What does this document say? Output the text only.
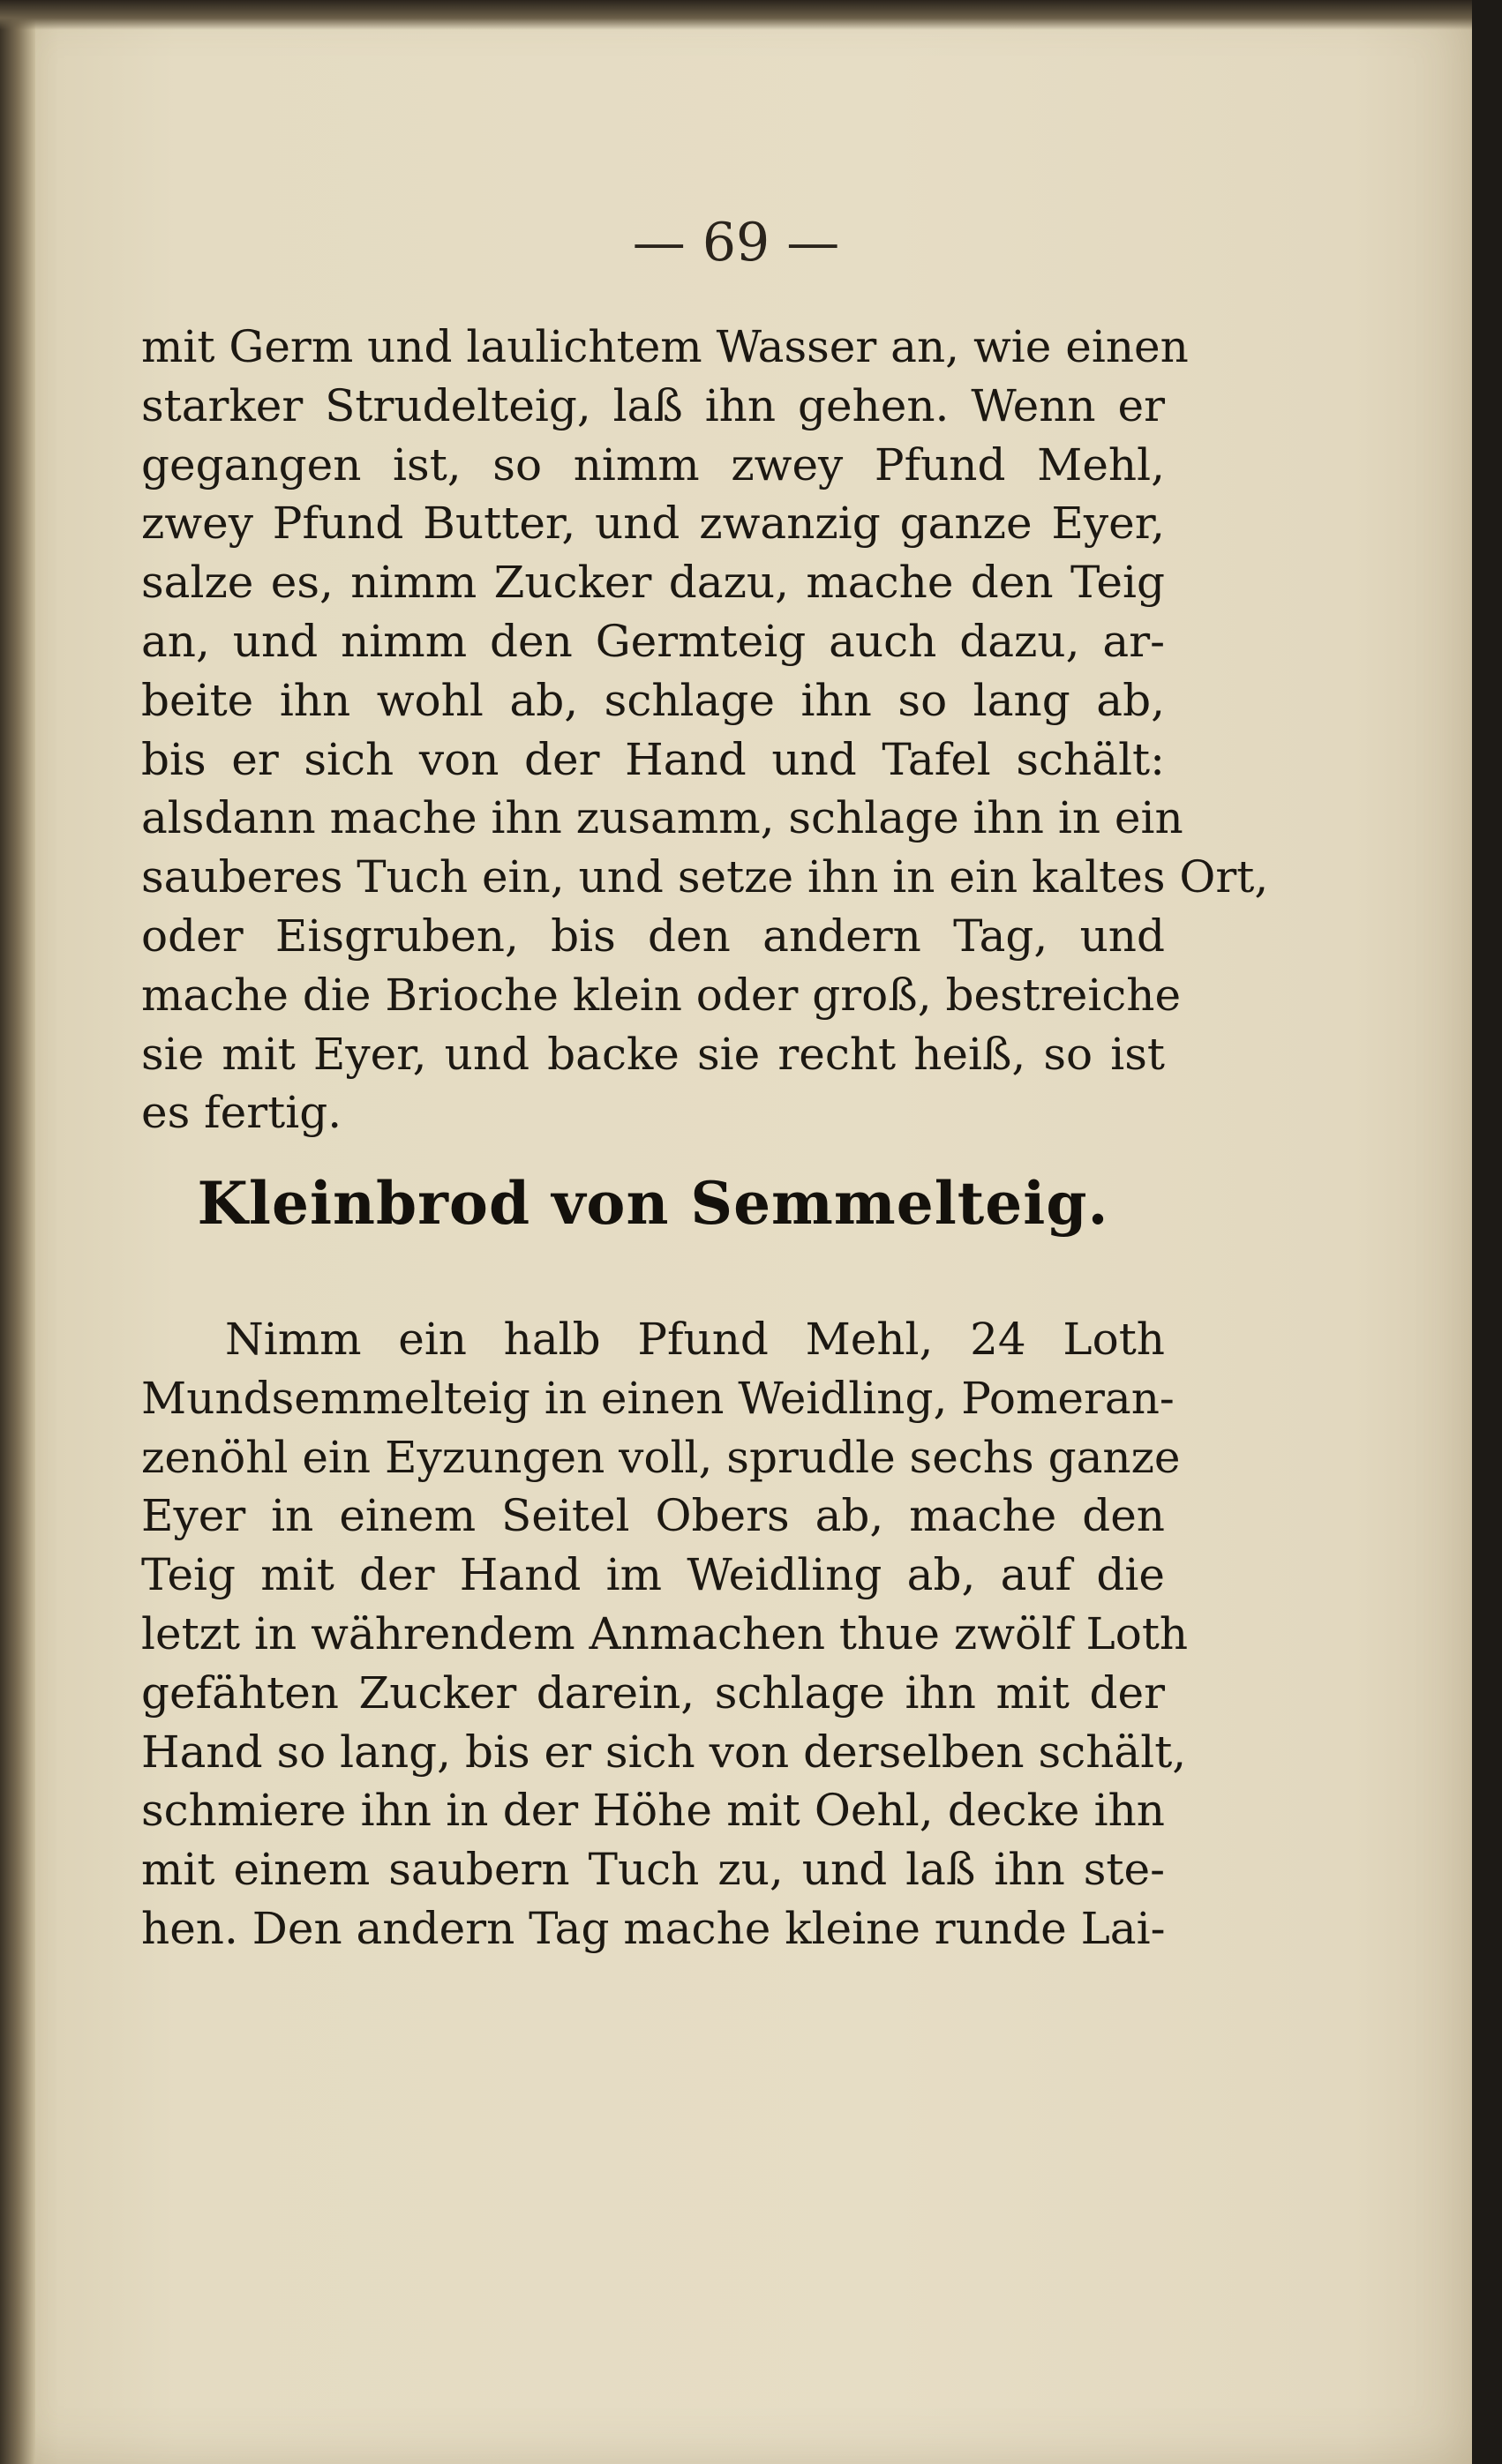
— 69 —
mit Germ und laulichtem Wasser an, wie einen
starker Strudelteig, laß ihn gehen. Wenn er
gegangen ist, so nimm zwey Pfund Mehl,
zwey Pfund Butter, und zwanzig ganze Eyer,
salze es, nimm Zucker dazu, mache den Teig
an, und nimm den Germteig auch dazu, ar-
beite ihn wohl ab, schlage ihn so lang ab,
bis er sich von der Hand und Tafel schält:
alsdann mache ihn zusamm, schlage ihn in ein
sauberes Tuch ein, und setze ihn in ein kaltes Ort,
oder Eisgruben, bis den andern Tag, und
mache die Brioche klein oder groß, bestreiche
sie mit Eyer, und backe sie recht heiß, so ist
es fertig.
Kleinbrod von Semmelteig.
Nimm ein halb Pfund Mehl, 24 Loth
Mundsemmelteig in einen Weidling, Pomeran-
zenöhl ein Eyzungen voll, sprudle sechs ganze
Eyer in einem Seitel Obers ab, mache den
Teig mit der Hand im Weidling ab, auf die
letzt in währendem Anmachen thue zwölf Loth
gefähten Zucker darein, schlage ihn mit der
Hand so lang, bis er sich von derselben schält,
schmiere ihn in der Höhe mit Oehl, decke ihn
mit einem saubern Tuch zu, und laß ihn ste-
hen. Den andern Tag mache kleine runde Lai-
